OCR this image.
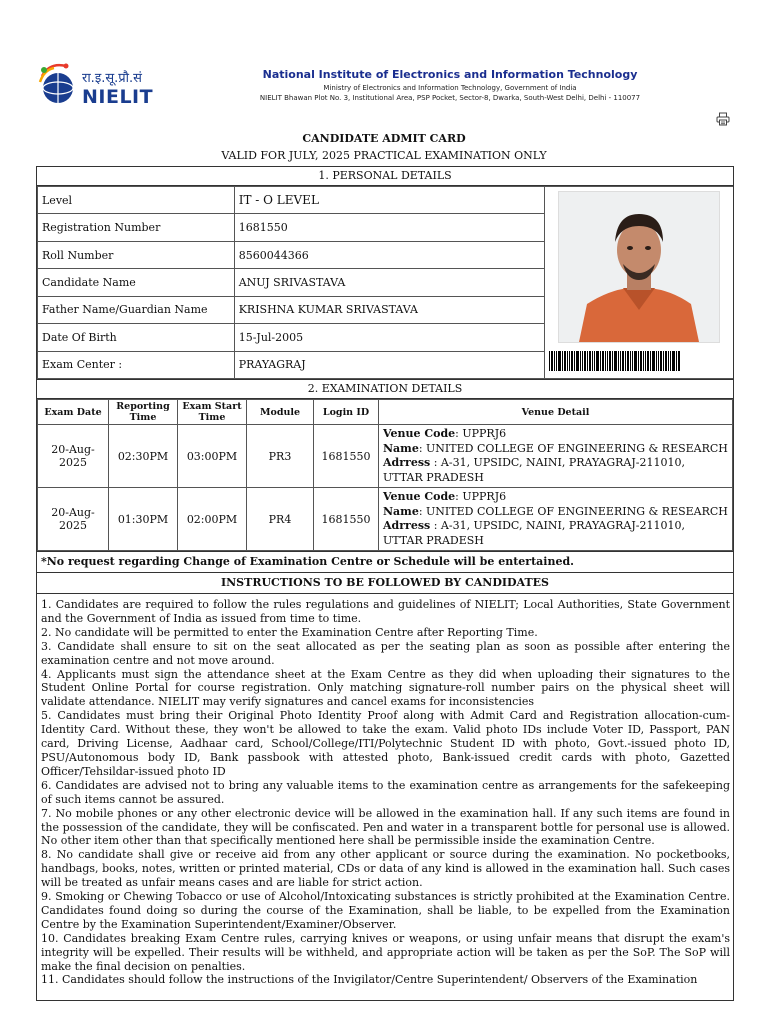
रा.इ.सू.प्रौ.सं
NIELIT
National Institute of Electronics and Information Technology
Ministry of Electronics and Information Technology, Government of India
NIELIT Bhawan Plot No. 3, Institutional Area, PSP Pocket, Sector-8, Dwarka, South-West Delhi, Delhi - 110077
CANDIDATE ADMIT CARD
VALID FOR JULY, 2025 PRACTICAL EXAMINATION ONLY
1. PERSONAL DETAILS
Level	IT - O LEVEL	

Registration Number	1681550	
Roll Number	8560044366	
Candidate Name	ANUJ SRIVASTAVA	
Father Name/Guardian Name	KRISHNA KUMAR SRIVASTAVA	
Date Of Birth	15-Jul-2005	
Exam Center :	PRAYAGRAJ	
2. EXAMINATION DETAILS
Exam Date	Reporting Time	Exam Start Time	Module	Login ID	Venue Detail
20-Aug-2025	02:30PM	03:00PM	PR3	1681550	Venue Code: UPPRJ6
Name: UNITED COLLEGE OF ENGINEERING & RESEARCH
Adrress : A-31, UPSIDC, NAINI, PRAYAGRAJ-211010, UTTAR PRADESH
20-Aug-2025	01:30PM	02:00PM	PR4	1681550	Venue Code: UPPRJ6
Name: UNITED COLLEGE OF ENGINEERING & RESEARCH
Adrress : A-31, UPSIDC, NAINI, PRAYAGRAJ-211010, UTTAR PRADESH
*No request regarding Change of Examination Centre or Schedule will be entertained.
INSTRUCTIONS TO BE FOLLOWED BY CANDIDATES

1. Candidates are required to follow the rules regulations and guidelines of NIELIT; Local Authorities, State Government and the Government of India as issued from time to time.

2. No candidate will be permitted to enter the Examination Centre after Reporting Time.

3. Candidate shall ensure to sit on the seat allocated as per the seating plan as soon as possible after entering the examination centre and not move around.

4. Applicants must sign the attendance sheet at the Exam Centre as they did when uploading their signatures to the Student Online Portal for course registration. Only matching signature-roll number pairs on the physical sheet will validate attendance. NIELIT may verify signatures and cancel exams for inconsistencies

5. Candidates must bring their Original Photo Identity Proof along with Admit Card and Registration allocation-cum-Identity Card. Without these, they won't be allowed to take the exam. Valid photo IDs include Voter ID, Passport, PAN card, Driving License, Aadhaar card, School/College/ITI/Polytechnic Student ID with photo, Govt.-issued photo ID, PSU/Autonomous body ID, Bank passbook with attested photo, Bank-issued credit cards with photo, Gazetted Officer/Tehsildar-issued photo ID

6. Candidates are advised not to bring any valuable items to the examination centre as arrangements for the safekeeping of such items cannot be assured.

7. No mobile phones or any other electronic device will be allowed in the examination hall. If any such items are found in the possession of the candidate, they will be confiscated. Pen and water in a transparent bottle for personal use is allowed. No other item other than that specifically mentioned here shall be permissible inside the examination Centre.

8. No candidate shall give or receive aid from any other applicant or source during the examination. No pocketbooks, handbags, books, notes, written or printed material, CDs or data of any kind is allowed in the examination hall. Such cases will be treated as unfair means cases and are liable for strict action.

9. Smoking or Chewing Tobacco or use of Alcohol/Intoxicating substances is strictly prohibited at the Examination Centre. Candidates found doing so during the course of the Examination, shall be liable, to be expelled from the Examination Centre by the Examination Superintendent/Examiner/Observer.

10. Candidates breaking Exam Centre rules, carrying knives or weapons, or using unfair means that disrupt the exam's integrity will be expelled. Their results will be withheld, and appropriate action will be taken as per the SoP. The SoP will make the final decision on penalties.

11. Candidates should follow the instructions of the Invigilator/Centre Superintendent/ Observers of the Examination
